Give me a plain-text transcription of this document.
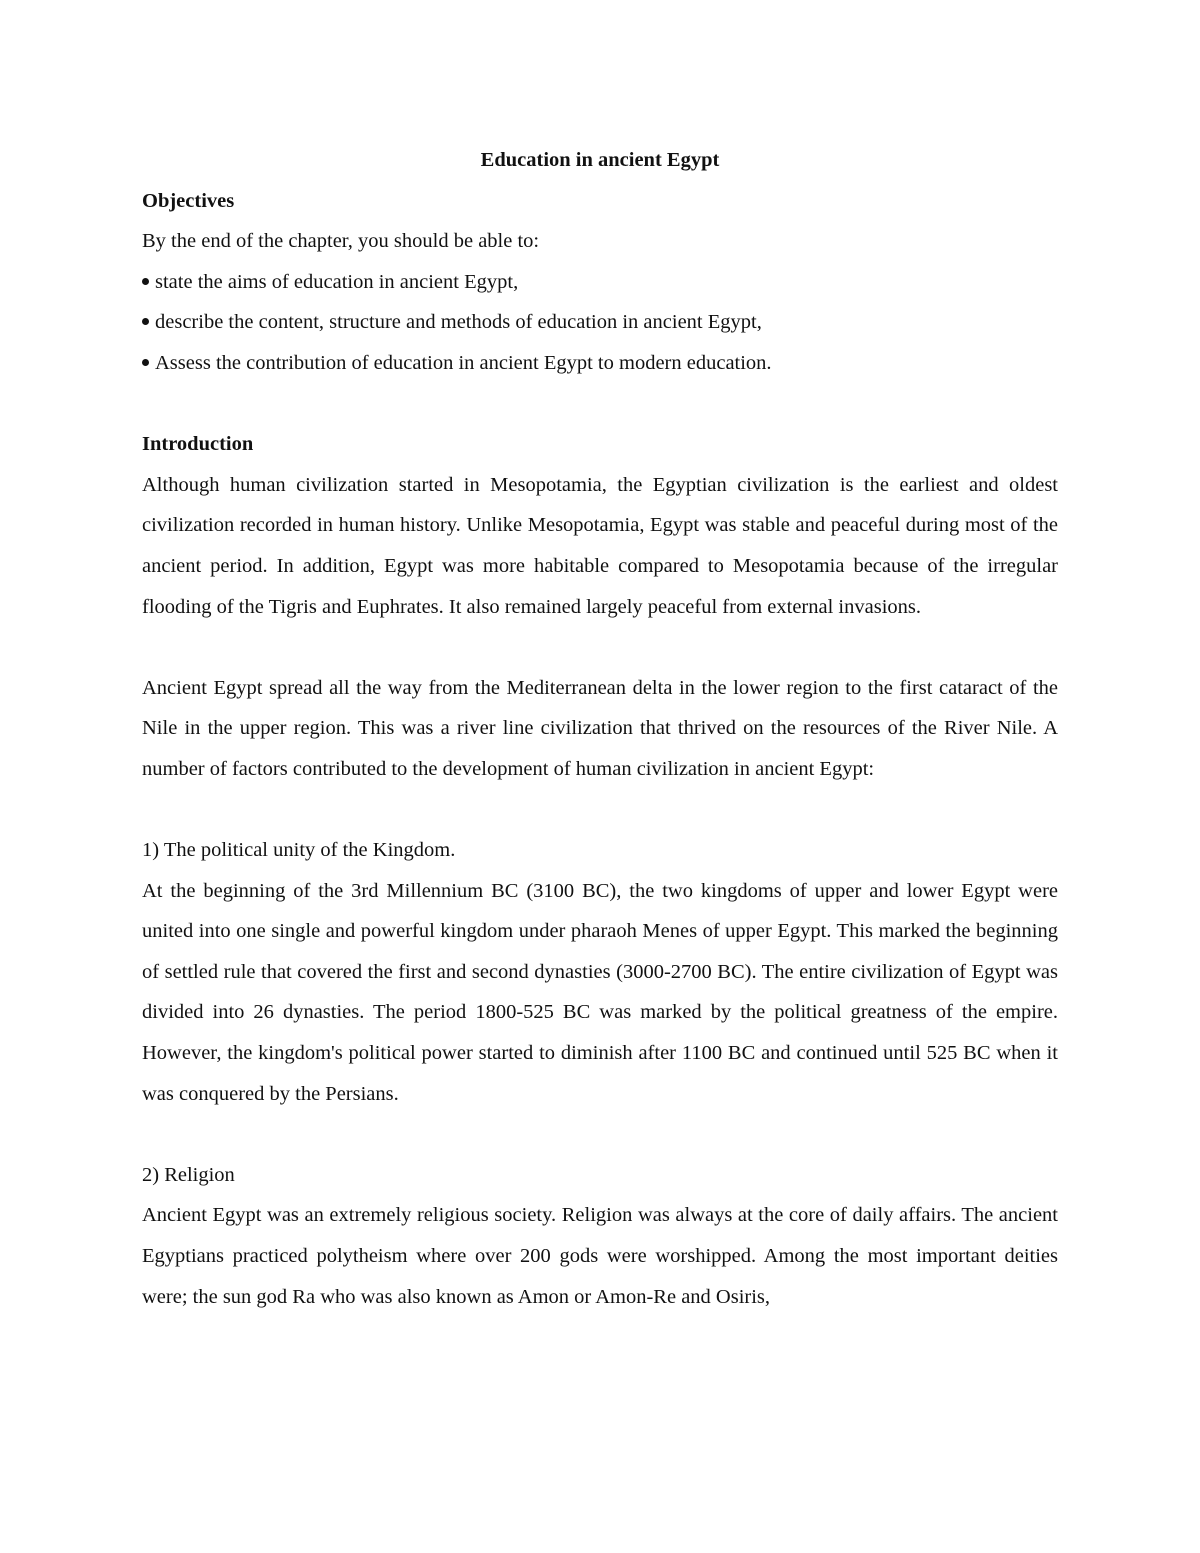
Education in ancient Egypt

Objectives

By the end of the chapter, you should be able to:

state the aims of education in ancient Egypt,

describe the content, structure and methods of education in ancient Egypt,

Assess the contribution of education in ancient Egypt to modern education.

Introduction

Although human civilization started in Mesopotamia, the Egyptian civilization is the earliest and oldest civilization recorded in human history. Unlike Mesopotamia, Egypt was stable and peaceful during most of the ancient period. In addition, Egypt was more habitable compared to Mesopotamia because of the irregular flooding of the Tigris and Euphrates. It also remained largely peaceful from external invasions.

Ancient Egypt spread all the way from the Mediterranean delta in the lower region to the first cataract of the Nile in the upper region. This was a river line civilization that thrived on the resources of the River Nile. A number of factors contributed to the development of human civilization in ancient Egypt:

1) The political unity of the Kingdom.

At the beginning of the 3rd Millennium BC (3100 BC), the two kingdoms of upper and lower Egypt were united into one single and powerful kingdom under pharaoh Menes of upper Egypt. This marked the beginning of settled rule that covered the first and second dynasties (3000-2700 BC). The entire civilization of Egypt was divided into 26 dynasties. The period 1800-525 BC was marked by the political greatness of the empire. However, the kingdom's political power started to diminish after 1100 BC and continued until 525 BC when it was conquered by the Persians.

2) Religion

Ancient Egypt was an extremely religious society. Religion was always at the core of daily affairs. The ancient Egyptians practiced polytheism where over 200 gods were worshipped. Among the most important deities were; the sun god Ra who was also known as Amon or Amon-Re and Osiris,
